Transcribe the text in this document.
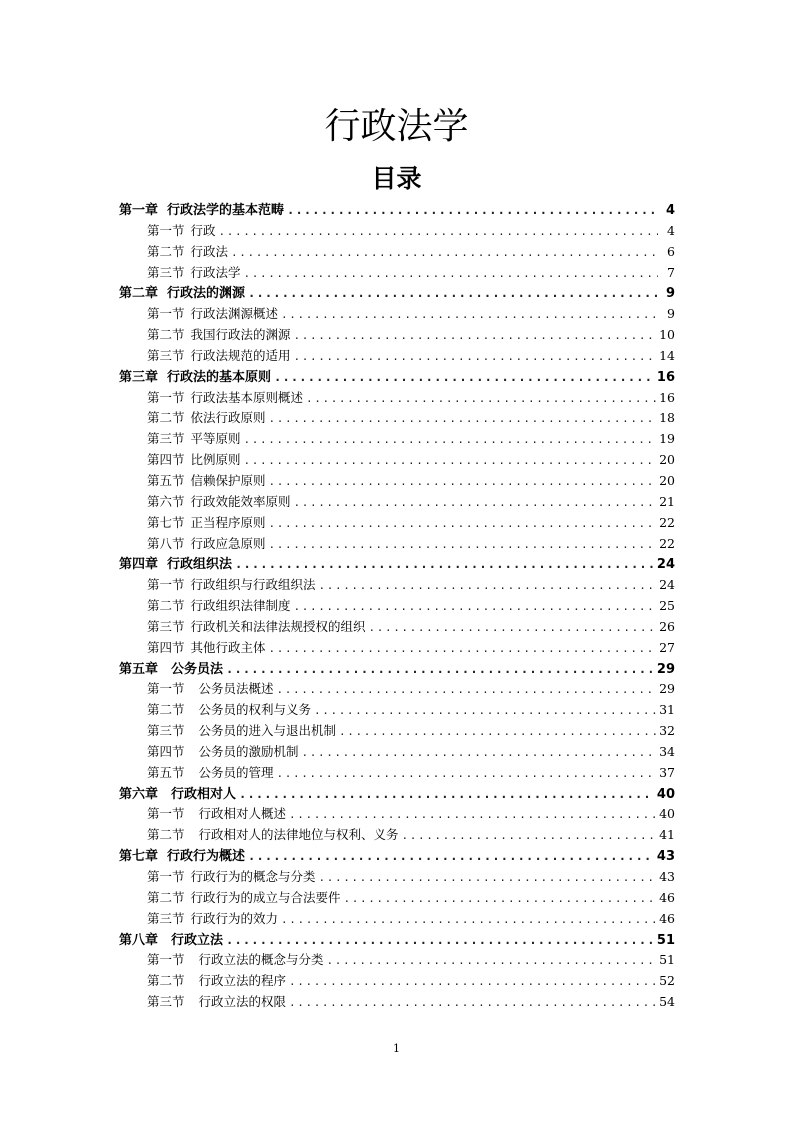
行政法学
目录
第一章 行政法学的基本范畴 .....	4
第一节 行政 .....	4
第二节 行政法 .....	6
第三节 行政法学 .....	7
第二章 行政法的渊源 .....	9
第一节 行政法渊源概述 .....	9
第二节 我国行政法的渊源 .....	10
第三节 行政法规范的适用 .....	14
第三章 行政法的基本原则 .....	16
第一节 行政法基本原则概述 .....	16
第二节 依法行政原则 .....	18
第三节 平等原则 .....	19
第四节 比例原则 .....	20
第五节 信赖保护原则 .....	20
第六节 行政效能效率原则 .....	21
第七节 正当程序原则 .....	22
第八节 行政应急原则 .....	22
第四章 行政组织法 .....	24
第一节 行政组织与行政组织法 .....	24
第二节 行政组织法律制度 .....	25
第三节 行政机关和法律法规授权的组织 .....	26
第四节 其他行政主体 .....	27
第五章 公务员法 .....	29
第一节 公务员法概述 .....	29
第二节 公务员的权利与义务 .....	31
第三节 公务员的进入与退出机制 .....	32
第四节 公务员的激励机制 .....	34
第五节 公务员的管理 .....	37
第六章 行政相对人 .....	40
第一节 行政相对人概述 .....	40
第二节 行政相对人的法律地位与权利、义务 .....	41
第七章 行政行为概述 .....	43
第一节 行政行为的概念与分类 .....	43
第二节 行政行为的成立与合法要件 .....	46
第三节 行政行为的效力 .....	46
第八章 行政立法 .....	51
第一节 行政立法的概念与分类 .....	51
第二节 行政立法的程序 .....	52
第三节 行政立法的权限 .....	54
1
